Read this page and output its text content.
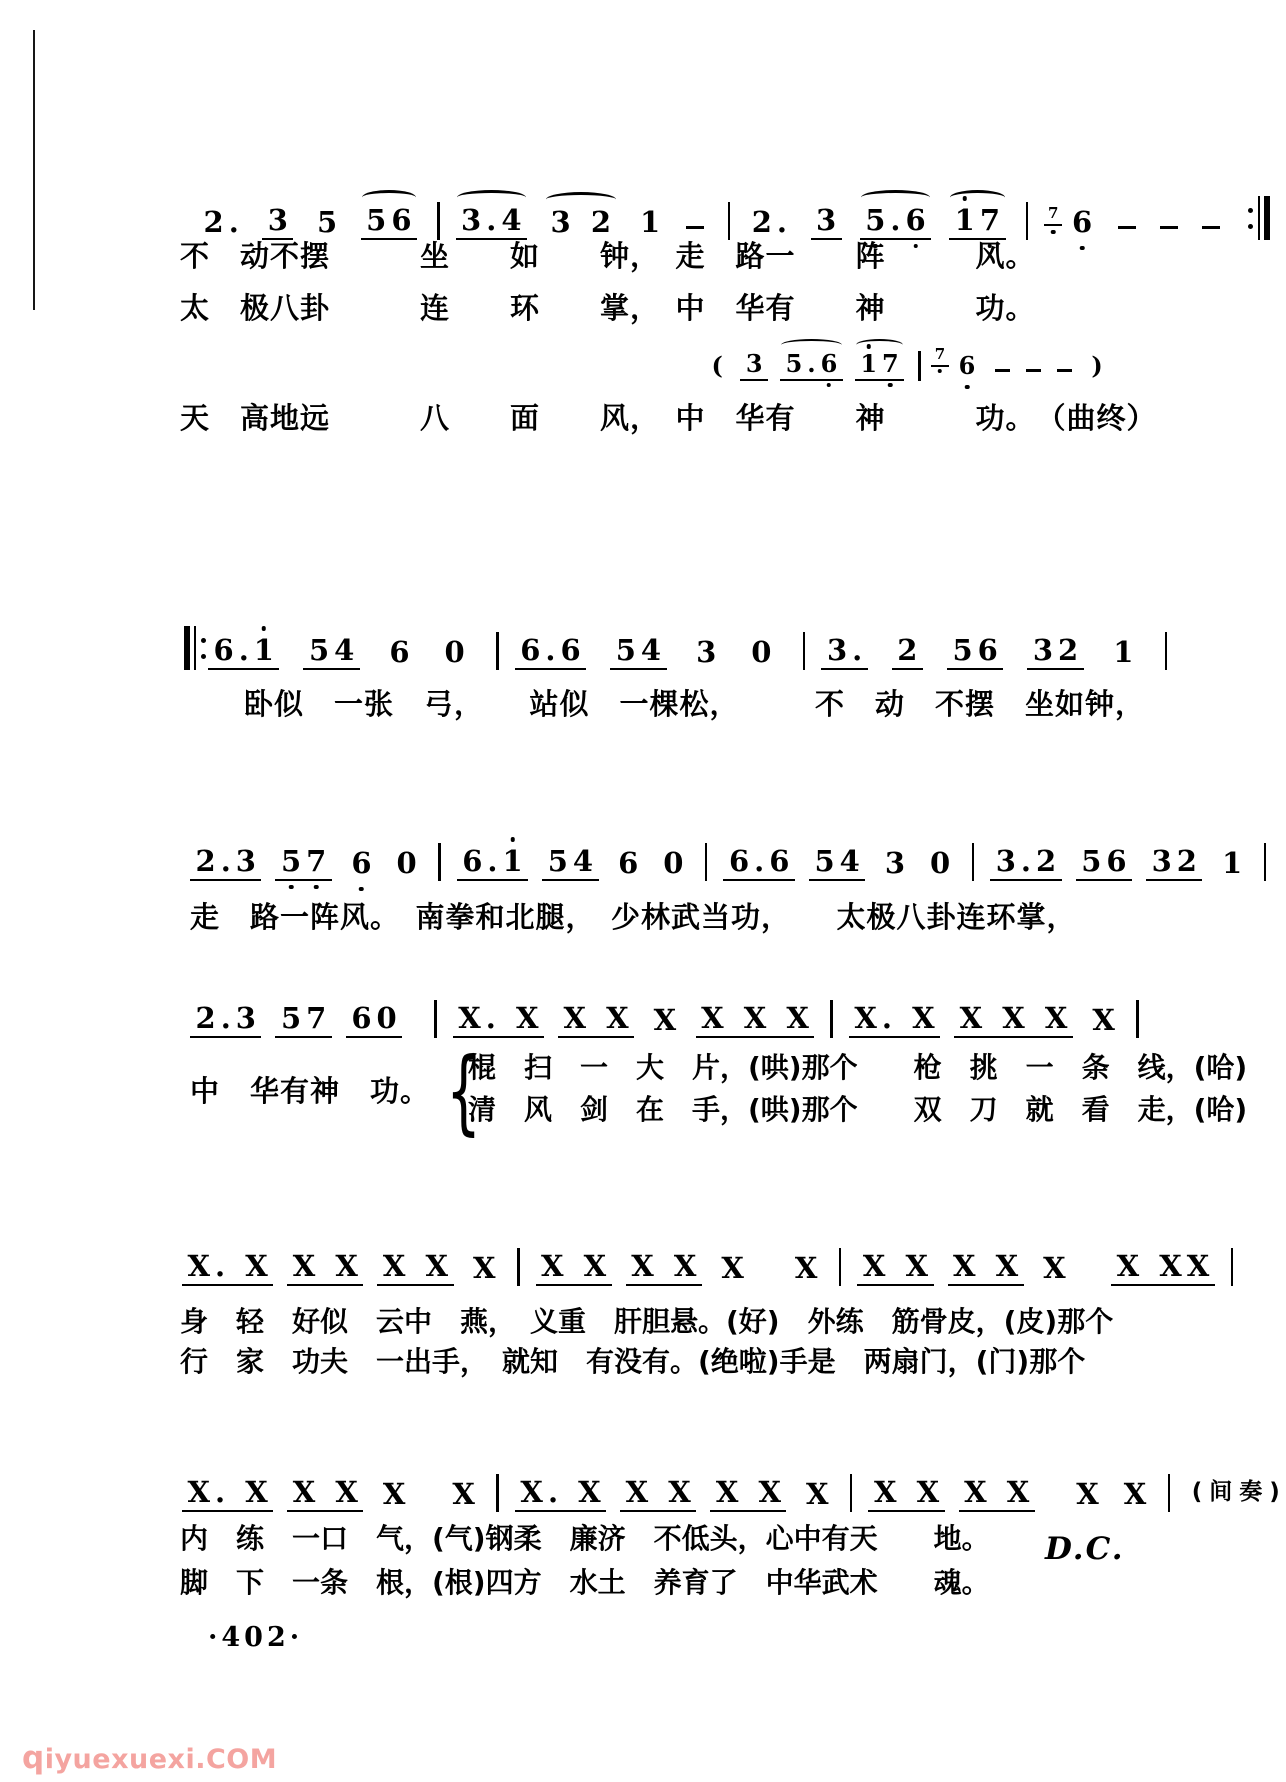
2 . 3 5 5 6 3 . 4 3 2 1	2 . 3 5 . 6 1 7	7 6
不　动不摆　　　坐　　如　　钟，　走　路一　　阵　　　风。
太　极八卦　　　连　　环　　掌，　中　华有　　神　　　功。
( 3 5 . 6 1 7	7 6	)
天　高地远　　　八　　面　　风，　中　华有　　神　　　功。　（曲终）
6 . 1 5 4 6 0 6 . 6 5 4 3 0 3 . 2 5 6 3 2 1
卧似　一张　弓，　　站似　一棵松，　　　不　动　不摆　坐如钟，
2 . 3 5 7 6 0 6 . 1 5 4 6 0 6 . 6 5 4 3 0 3 . 2 5 6 3 2 1
走　路一阵风。　南拳和北腿，　少林武当功，　　太极八卦连环掌，
2 . 3 5 7 6 0 X . X X X X X X X X . X X X X X
中　华有神　功。 {
棍　扫　一　大　片，(哄)那个　　枪　挑　一　条　线，(哈)
清　风　剑　在　手，(哄)那个　　双　刀　就　看　走，(哈)
X . X X X X X X X X X X X X X X X X X X X X
身　轻　好似　云中　燕，　义重　肝胆悬。(好)　外练　筋骨皮，(皮)那个
行　家　功夫　一出手，　就知　有没有。(绝啦)手是　两扇门，(门)那个
X . X X X X X X . X X X X X X X X X X X X ( 间 奏 )
内　练　一口　气，(气)钢柔　廉济　不低头，心中有天　　地。 D.C.
脚　下　一条　根，(根)四方　水土　养育了　中华武术　　魂。
·402·
qiyuexuexi.COM
